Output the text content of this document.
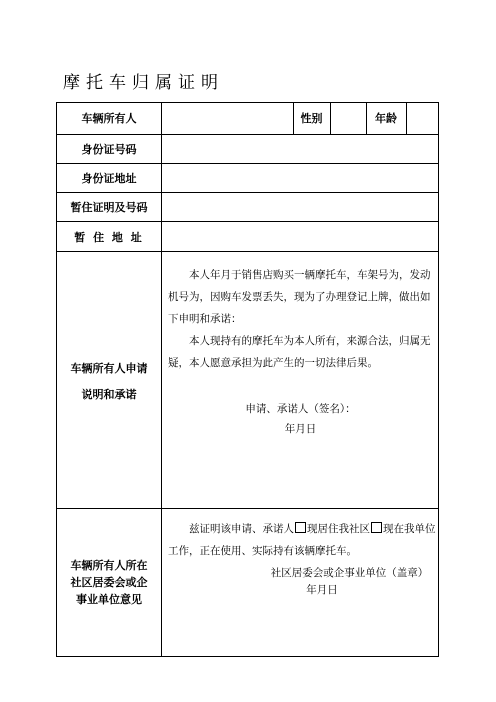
摩托车归属证明
车辆所有人	性别	年龄
身份证号码
身份证地址
暂住证明及号码
暂 住 地 址
车辆所有人申请
说明和承诺
本人年月于销售店购买一辆摩托车，车架号为，发动机号为，因购车发票丢失，现为了办理登记上牌，做出如下申明和承诺：
本人现持有的摩托车为本人所有，来源合法，归属无疑，本人愿意承担为此产生的一切法律后果。
申请、承诺人（签名）：
年月日
车辆所有人所在
社区居委会或企
事业单位意见
兹证明该申请、承诺人 现居住我社区 现在我单位工作，正在使用、实际持有该辆摩托车。
社区居委会或企事业单位（盖章）
年月日
